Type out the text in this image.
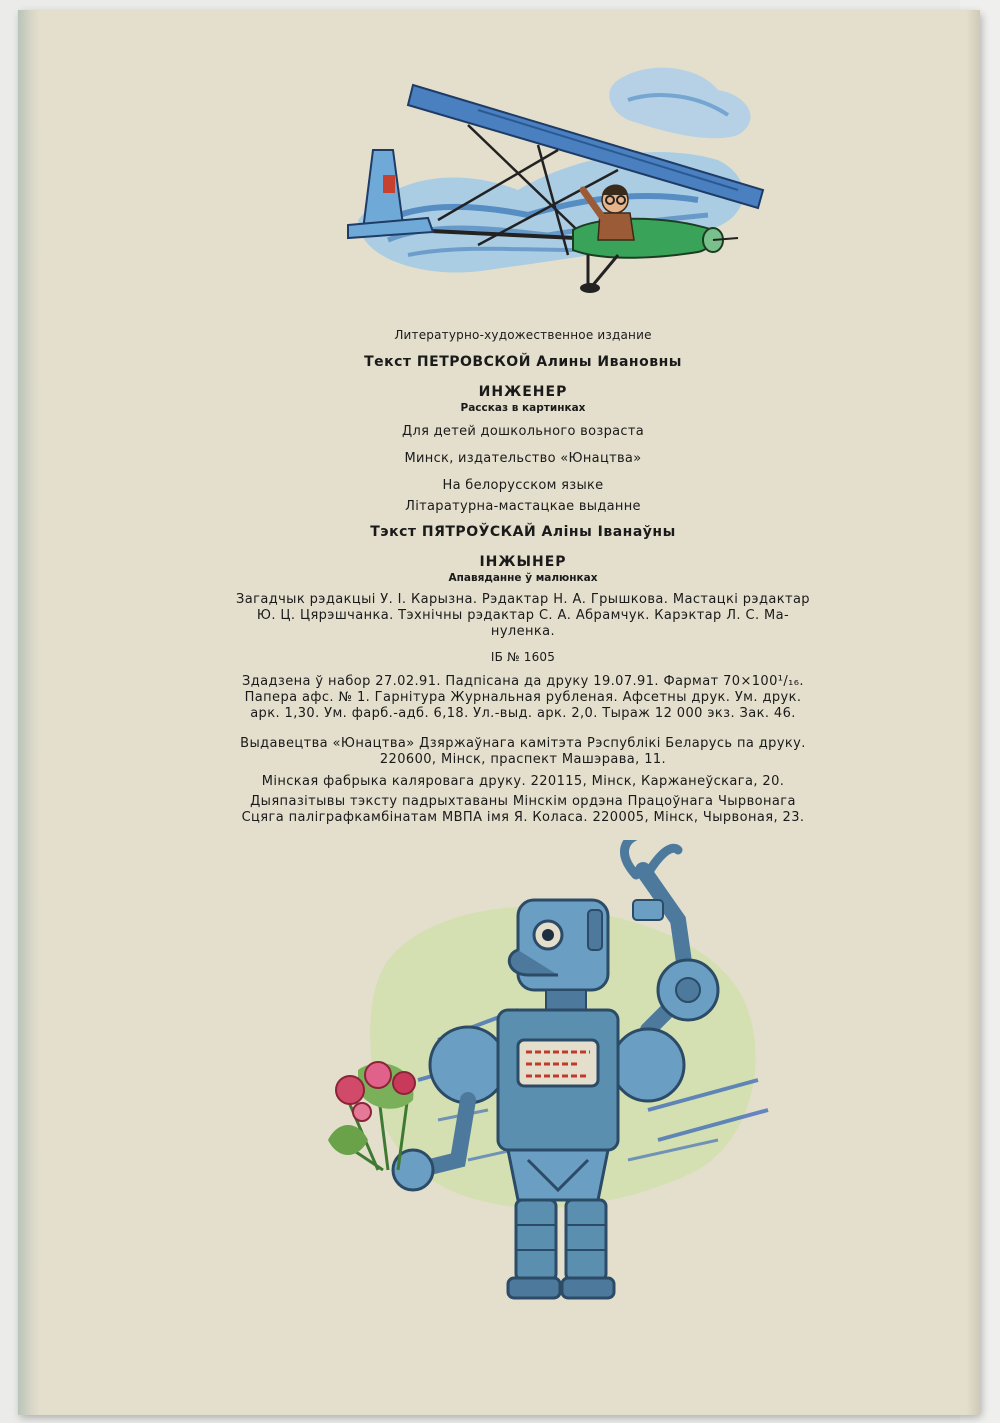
Литературно-художественное издание
Текст ПЕТРОВСКОЙ Алины Ивановны
ИНЖЕНЕР
Рассказ в картинках
Для детей дошкольного возраста
Минск, издательство «Юнацтва»
На белорусском языке
Літаратурна-мастацкае выданне
Тэкст ПЯТРОЎСКАЙ Аліны Іванаўны
ІНЖЫНЕР
Апавяданне ў малюнках
Загадчык рэдакцыі У. І. Карызна. Рэдактар Н. А. Грышкова. Мастацкі рэдактар
Ю. Ц. Цярэшчанка. Тэхнічны рэдактар С. А. Абрамчук. Карэктар Л. С. Ма-
нуленка.
ІБ № 1605
Здадзена ў набор 27.02.91. Падпісана да друку 19.07.91. Фармат 70×100¹/₁₆.
Папера афс. № 1. Гарнітура Журнальная рубленая. Афсетны друк. Ум. друк.
арк. 1,30. Ум. фарб.-адб. 6,18. Ул.-выд. арк. 2,0. Тыраж 12 000 экз. Зак. 46.
Выдавецтва «Юнацтва» Дзяржаўнага камітэта Рэспублікі Беларусь па друку.
220600, Мінск, праспект Машэрава, 11.
Мінская фабрыка каляровага друку. 220115, Мінск, Каржанеўскага, 20.
Дыяпазітывы тэксту падрыхтаваны Мінскім ордэна Працоўнага Чырвонага
Сцяга паліграфкамбінатам МВПА імя Я. Коласа. 220005, Мінск, Чырвоная, 23.
